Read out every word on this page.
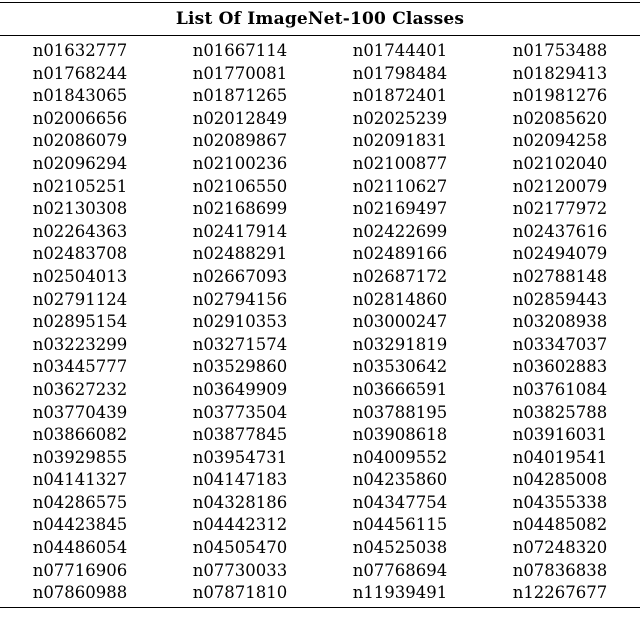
List Of ImageNet-100 Classes
n01632777	n01667114	n01744401	n01753488
n01768244	n01770081	n01798484	n01829413
n01843065	n01871265	n01872401	n01981276
n02006656	n02012849	n02025239	n02085620
n02086079	n02089867	n02091831	n02094258
n02096294	n02100236	n02100877	n02102040
n02105251	n02106550	n02110627	n02120079
n02130308	n02168699	n02169497	n02177972
n02264363	n02417914	n02422699	n02437616
n02483708	n02488291	n02489166	n02494079
n02504013	n02667093	n02687172	n02788148
n02791124	n02794156	n02814860	n02859443
n02895154	n02910353	n03000247	n03208938
n03223299	n03271574	n03291819	n03347037
n03445777	n03529860	n03530642	n03602883
n03627232	n03649909	n03666591	n03761084
n03770439	n03773504	n03788195	n03825788
n03866082	n03877845	n03908618	n03916031
n03929855	n03954731	n04009552	n04019541
n04141327	n04147183	n04235860	n04285008
n04286575	n04328186	n04347754	n04355338
n04423845	n04442312	n04456115	n04485082
n04486054	n04505470	n04525038	n07248320
n07716906	n07730033	n07768694	n07836838
n07860988	n07871810	n11939491	n12267677
